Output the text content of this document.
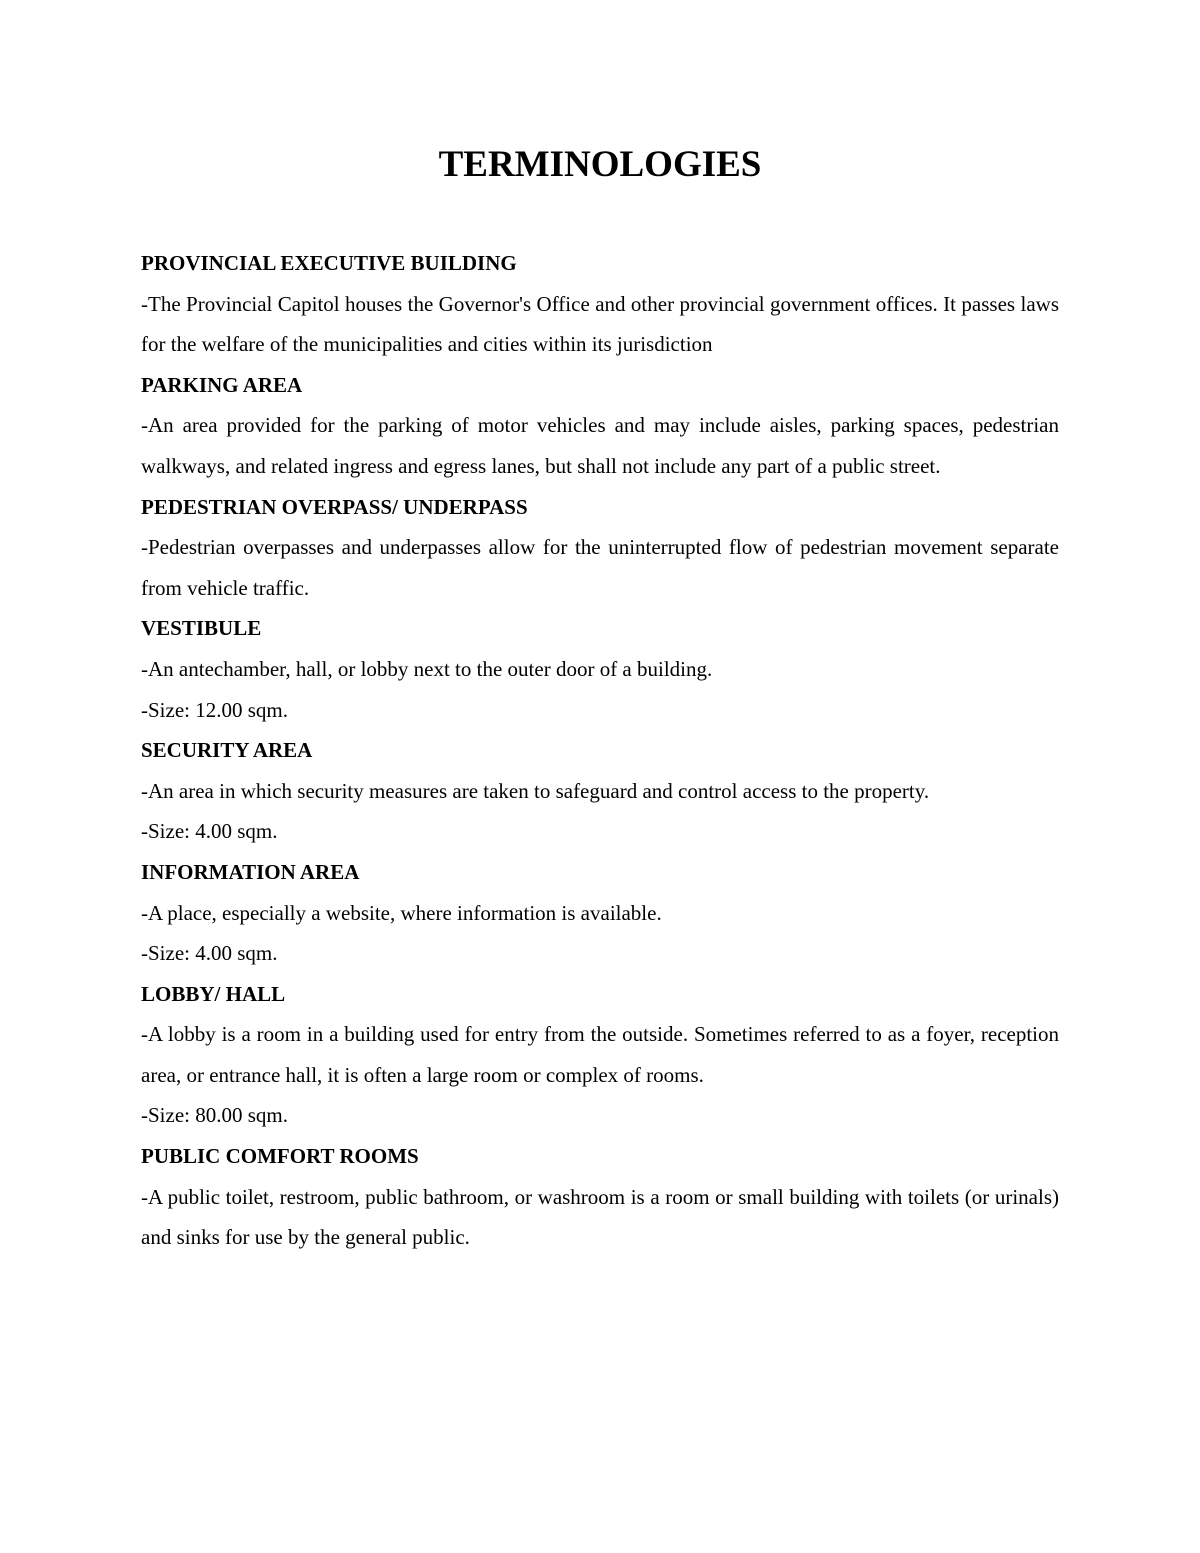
TERMINOLOGIES

PROVINCIAL EXECUTIVE BUILDING

-The Provincial Capitol houses the Governor's Office and other provincial government offices. It passes laws for the welfare of the municipalities and cities within its jurisdiction

PARKING AREA

-An area provided for the parking of motor vehicles and may include aisles, parking spaces, pedestrian walkways, and related ingress and egress lanes, but shall not include any part of a public street.

PEDESTRIAN OVERPASS/ UNDERPASS

-Pedestrian overpasses and underpasses allow for the uninterrupted flow of pedestrian movement separate from vehicle traffic.

VESTIBULE

-An antechamber, hall, or lobby next to the outer door of a building.

-Size: 12.00 sqm.

SECURITY AREA

-An area in which security measures are taken to safeguard and control access to the property.

-Size: 4.00 sqm.

INFORMATION AREA

-A place, especially a website, where information is available.

-Size: 4.00 sqm.

LOBBY/ HALL

-A lobby is a room in a building used for entry from the outside. Sometimes referred to as a foyer, reception area, or entrance hall, it is often a large room or complex of rooms.

-Size: 80.00 sqm.

PUBLIC COMFORT ROOMS

-A public toilet, restroom, public bathroom, or washroom is a room or small building with toilets (or urinals) and sinks for use by the general public.
